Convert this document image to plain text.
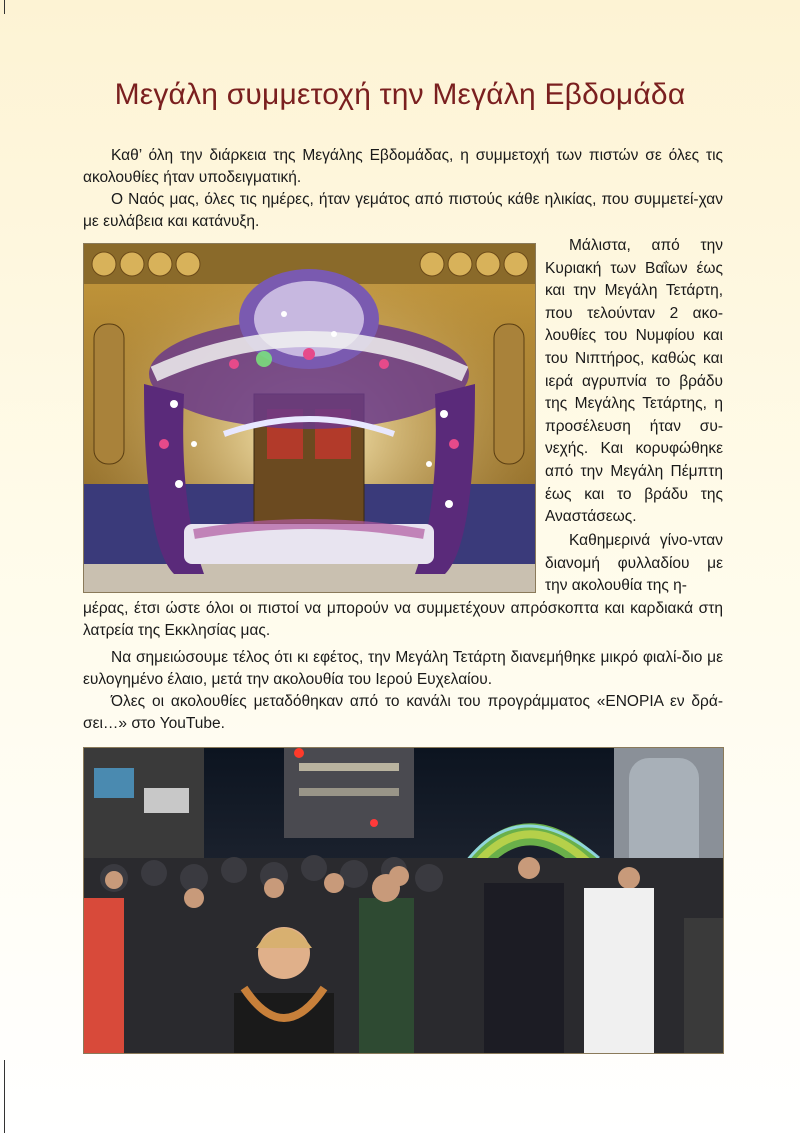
Μεγάλη συμμετοχή την Μεγάλη Εβδομάδα

Καθ’ όλη την διάρκεια της Μεγάλης Εβδομάδας, η συμμετοχή των πιστών σε όλες τις ακολουθίες ήταν υποδειγματική.

Ο Ναός μας, όλες τις ημέρες, ήταν γεμάτος από πιστούς κάθε ηλικίας, που συμμετεί-χαν με ευλάβεια και κατάνυξη.

Μάλιστα, από την Κυριακή των Βαΐων έως και την Μεγάλη Τετάρτη, που τελούνταν 2 ακο-λουθίες του Νυμφίου και του Νιπτήρος, καθώς και ιερά αγρυπνία το βράδυ της Μεγάλης Τετάρτης, η προσέλευση ήταν συ-νεχής. Και κορυφώθηκε από την Μεγάλη Πέμπτη έως και το βράδυ της Αναστάσεως.

Καθημερινά γίνο-νταν διανομή φυλλαδίου με την ακολουθία της η-

μέρας, έτσι ώστε όλοι οι πιστοί να μπορούν να συμμετέχουν απρόσκοπτα και καρδιακά στη λατρεία της Εκκλησίας μας.

Να σημειώσουμε τέλος ότι κι εφέτος, την Μεγάλη Τετάρτη διανεμήθηκε μικρό φιαλί-διο με ευλογημένο έλαιο, μετά την ακολουθία του Ιερού Ευχελαίου.

Όλες οι ακολουθίες μεταδόθηκαν από το κανάλι του προγράμματος «ΕΝΟΡΙΑ εν δρά-σει…» στο YouTube.
